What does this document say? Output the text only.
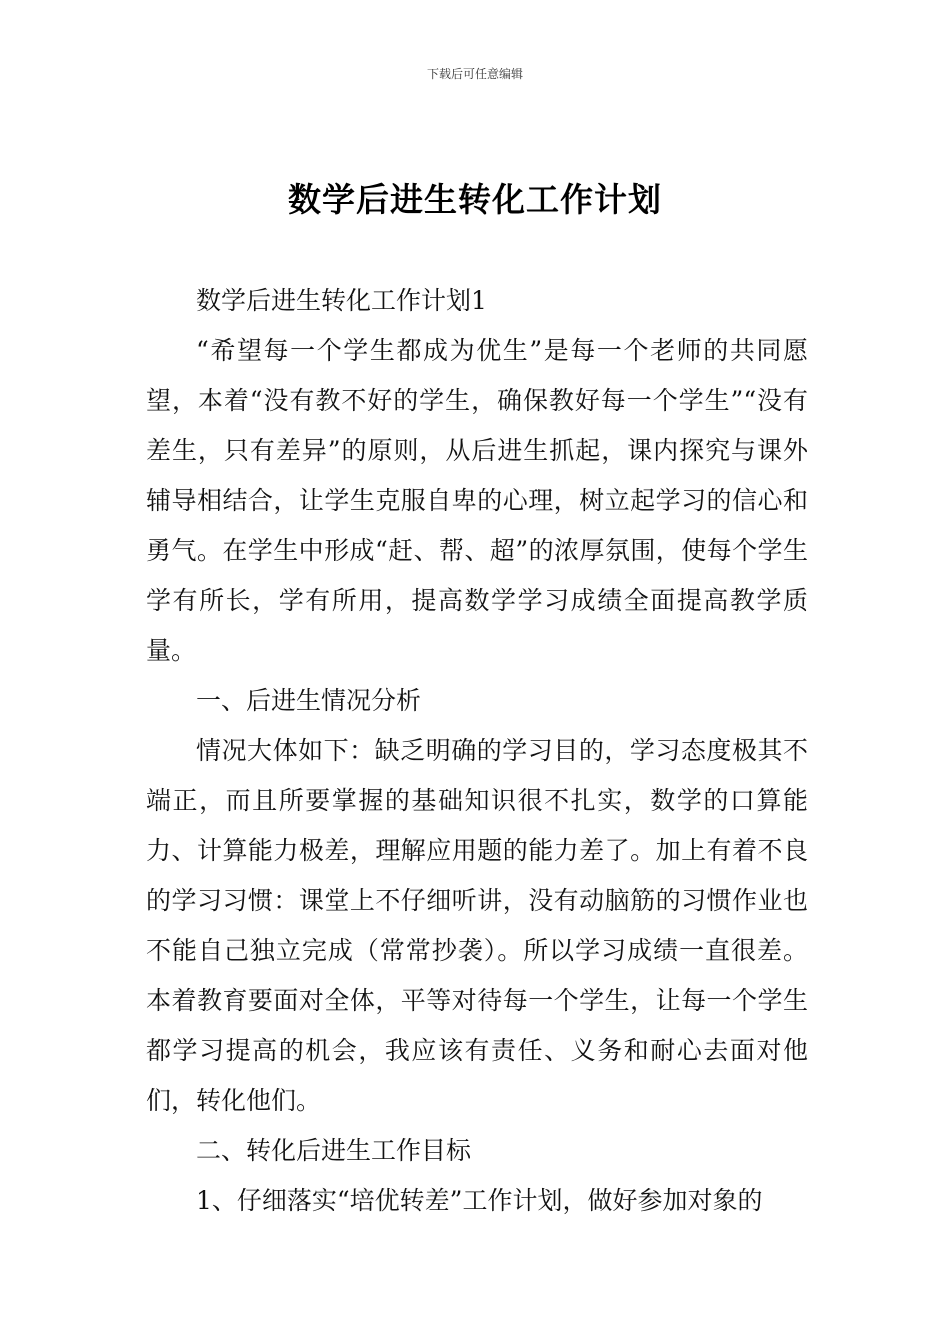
下载后可任意编辑
数学后进生转化工作计划

数学后进生转化工作计划1

“希望每一个学生都成为优生”是每一个老师的共同愿望，本着“没有教不好的学生，确保教好每一个学生”“没有差生，只有差异”的原则，从后进生抓起，课内探究与课外辅导相结合，让学生克服自卑的心理，树立起学习的信心和勇气。在学生中形成“赶、帮、超”的浓厚氛围，使每个学生学有所长，学有所用，提高数学学习成绩全面提高教学质量。

一、后进生情况分析

情况大体如下：缺乏明确的学习目的，学习态度极其不端正，而且所要掌握的基础知识很不扎实，数学的口算能力、计算能力极差，理解应用题的能力差了。加上有着不良的学习习惯：课堂上不仔细听讲，没有动脑筋的习惯作业也不能自己独立完成（常常抄袭）。所以学习成绩一直很差。本着教育要面对全体，平等对待每一个学生，让每一个学生都学习提高的机会，我应该有责任、义务和耐心去面对他们，转化他们。

二、转化后进生工作目标

1、仔细落实“培优转差”工作计划，做好参加对象的
